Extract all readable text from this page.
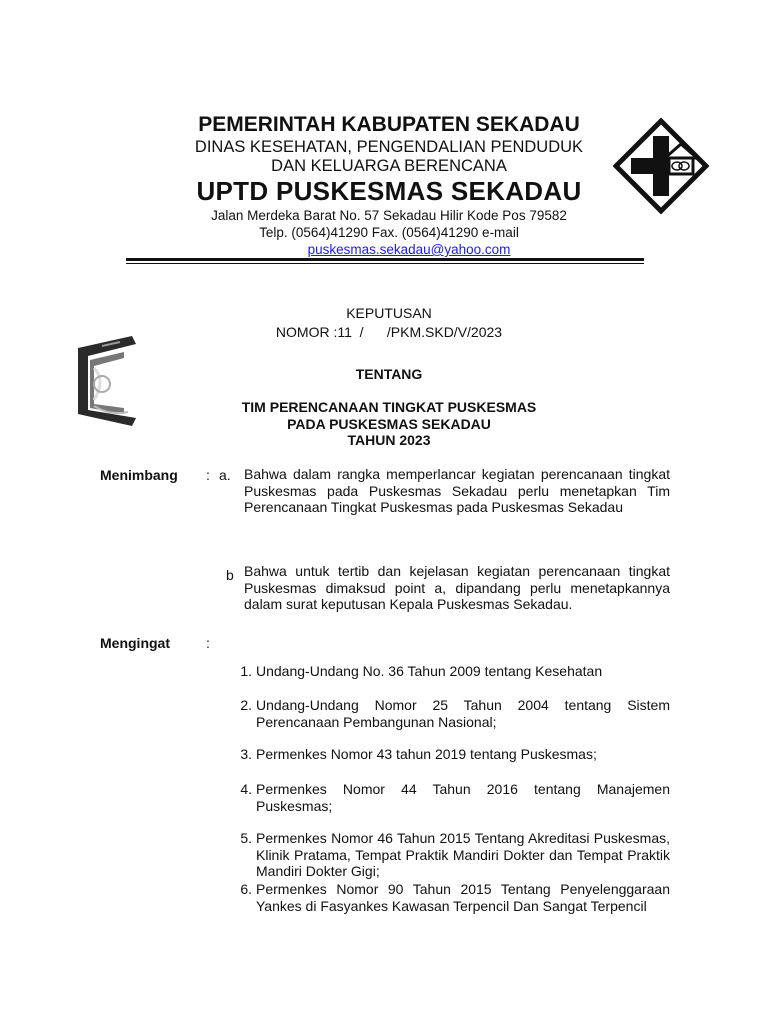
PEMERINTAH KABUPATEN SEKADAU
DINAS KESEHATAN, PENGENDALIAN PENDUDUK
DAN KELUARGA BERENCANA
UPTD PUSKESMAS SEKADAU
Jalan Merdeka Barat No. 57 Sekadau Hilir Kode Pos 79582
Telp. (0564)41290 Fax. (0564)41290 e-mail
puskesmas.sekadau@yahoo.com
KEPUTUSAN
NOMOR :11  /      /PKM.SKD/V/2023
TENTANG
TIM PERENCANAAN TINGKAT PUSKESMAS
PADA PUSKESMAS SEKADAU
TAHUN 2023
Menimbang : a. Bahwa dalam rangka memperlancar kegiatan perencanaan tingkat Puskesmas pada Puskesmas Sekadau perlu menetapkan Tim Perencanaan Tingkat Puskesmas pada Puskesmas Sekadau
b Bahwa untuk tertib dan kejelasan kegiatan perencanaan tingkat Puskesmas dimaksud point a, dipandang perlu menetapkannya dalam surat keputusan Kepala Puskesmas Sekadau.
Mengingat	:
1. Undang-Undang No. 36 Tahun 2009 tentang Kesehatan
2. Undang-Undang Nomor 25 Tahun 2004 tentang Sistem Perencanaan Pembangunan Nasional;
3. Permenkes Nomor 43 tahun 2019 tentang Puskesmas;
4. Permenkes Nomor 44 Tahun 2016 tentang Manajemen Puskesmas;
5. Permenkes Nomor 46 Tahun 2015 Tentang Akreditasi Puskesmas, Klinik Pratama, Tempat Praktik Mandiri Dokter dan Tempat Praktik Mandiri Dokter Gigi;
6. Permenkes Nomor 90 Tahun 2015 Tentang Penyelenggaraan Yankes di Fasyankes Kawasan Terpencil Dan Sangat Terpencil
